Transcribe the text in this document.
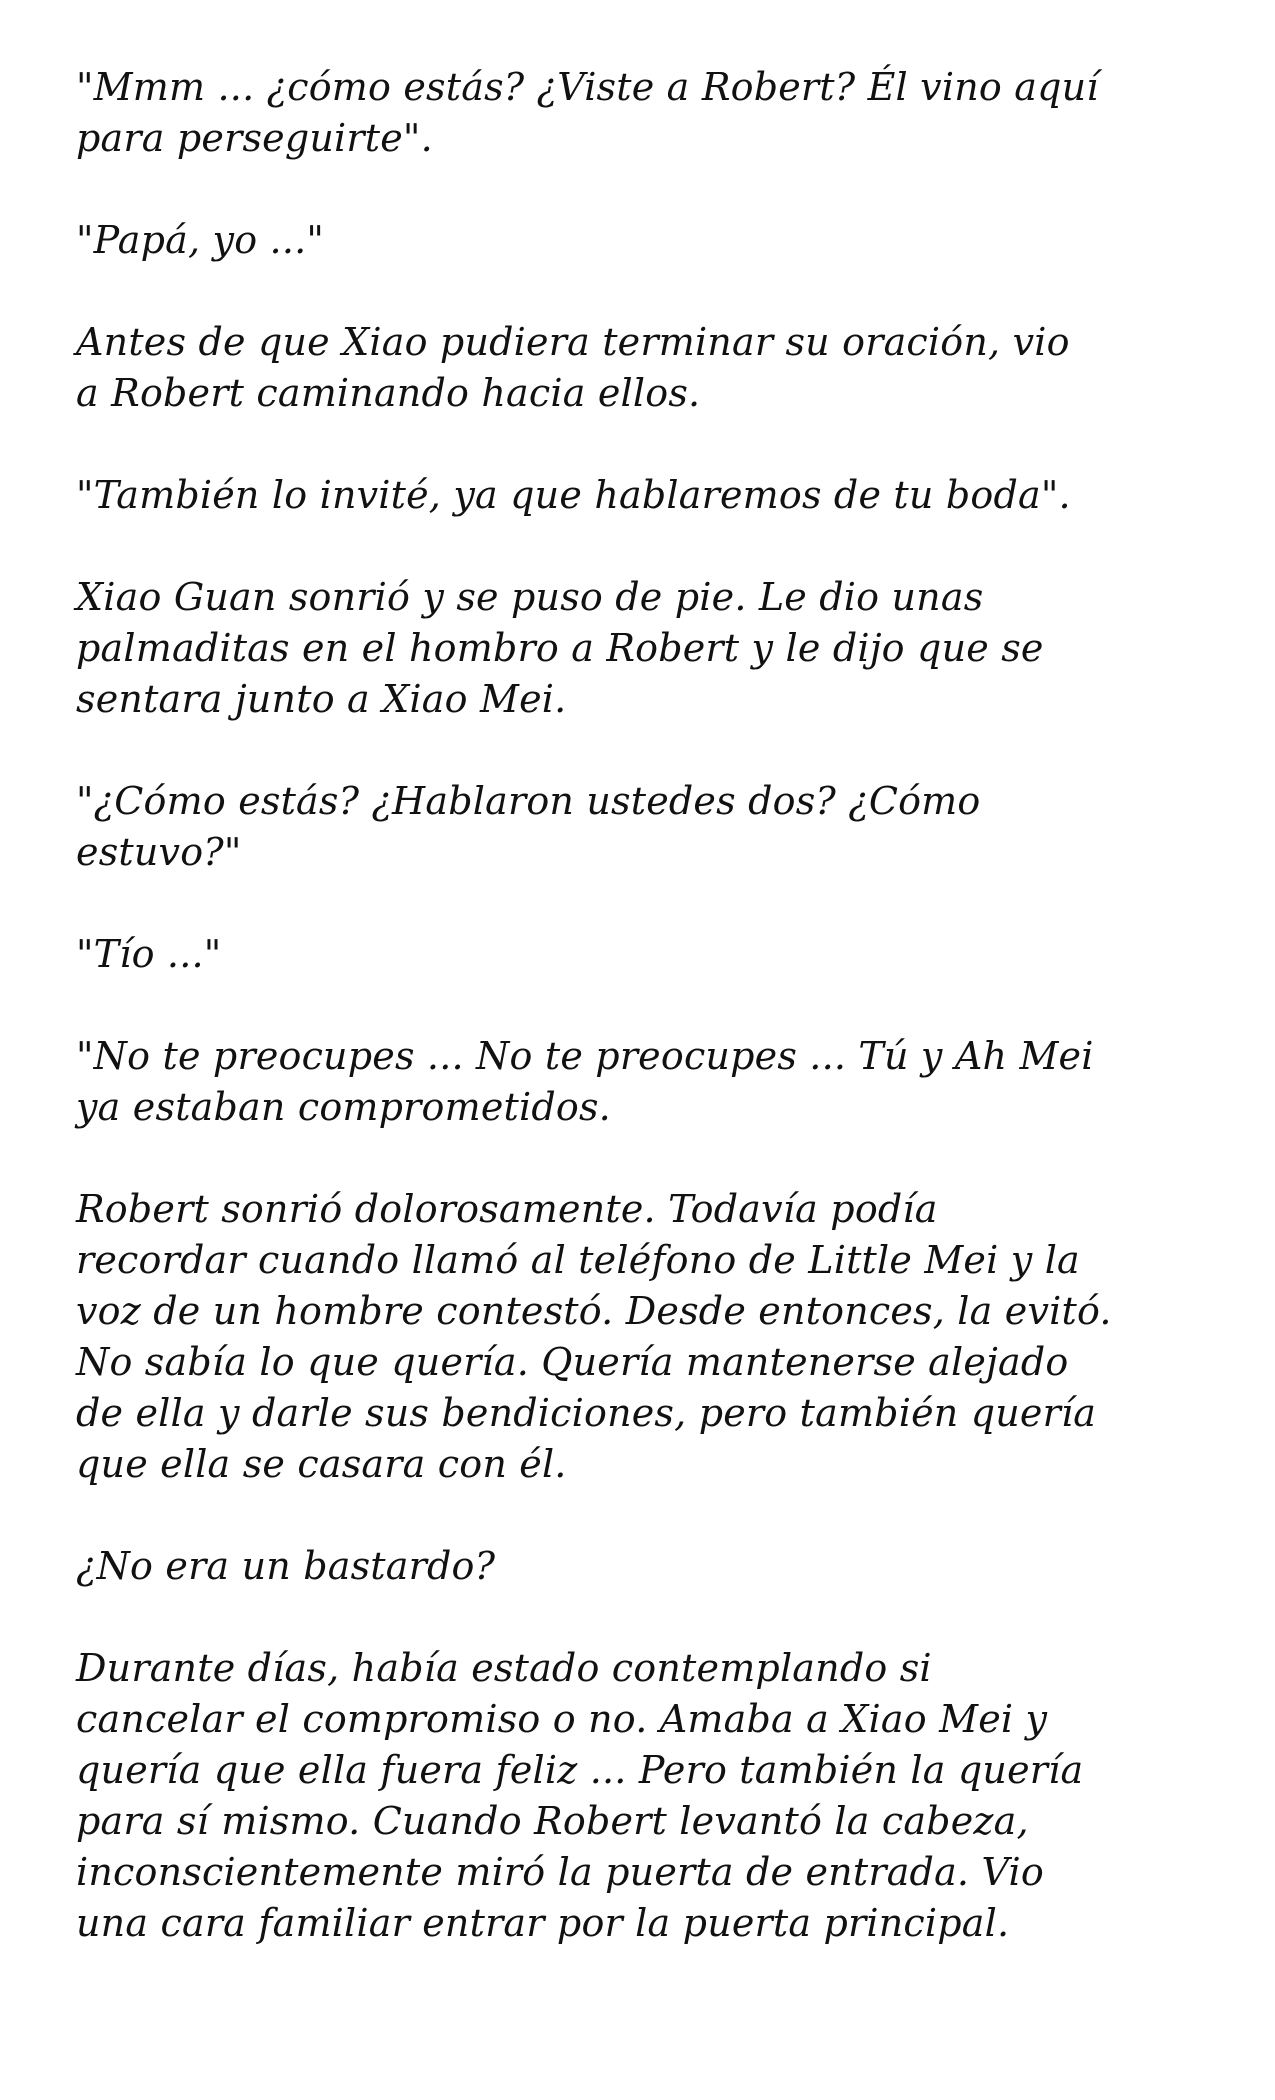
"Mmm ... ¿cómo estás? ¿Viste a Robert? Él vino aquí
para perseguirte".

"Papá, yo ..."

Antes de que Xiao pudiera terminar su oración, vio
a Robert caminando hacia ellos.

"También lo invité, ya que hablaremos de tu boda".

Xiao Guan sonrió y se puso de pie. Le dio unas
palmaditas en el hombro a Robert y le dijo que se
sentara junto a Xiao Mei.

"¿Cómo estás? ¿Hablaron ustedes dos? ¿Cómo
estuvo?"

"Tío ..."

"No te preocupes ... No te preocupes ... Tú y Ah Mei
ya estaban comprometidos.

Robert sonrió dolorosamente. Todavía podía
recordar cuando llamó al teléfono de Little Mei y la
voz de un hombre contestó. Desde entonces, la evitó.
No sabía lo que quería. Quería mantenerse alejado
de ella y darle sus bendiciones, pero también quería
que ella se casara con él.

¿No era un bastardo?

Durante días, había estado contemplando si
cancelar el compromiso o no. Amaba a Xiao Mei y
quería que ella fuera feliz ... Pero también la quería
para sí mismo. Cuando Robert levantó la cabeza,
inconscientemente miró la puerta de entrada. Vio
una cara familiar entrar por la puerta principal.
